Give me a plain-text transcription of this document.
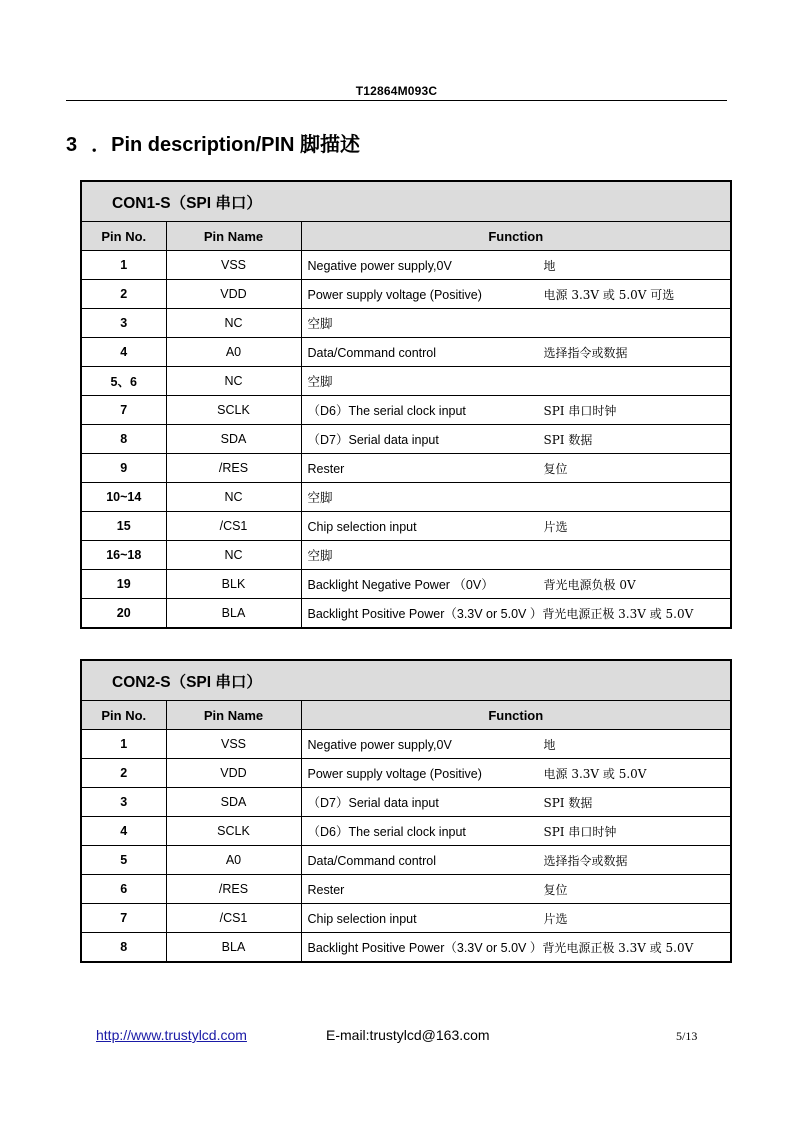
T12864M093C
3 ．Pin description/PIN 脚描述
CON1-S（SPI 串口）		
Pin No.	Pin Name	Function
1	VSS	Negative power supply,0V 地
2	VDD	Power supply voltage (Positive) 电源 3.3V 或 5.0V 可选
3	NC	空脚
4	A0	Data/Command control 选择指令或数据
5、6	NC	空脚
7	SCLK	（D6）The serial clock input SPI 串口时钟
8	SDA	（D7）Serial data input SPI 数据
9	/RES	Rester 复位
10~14	NC	空脚
15	/CS1	Chip selection input 片选
16~18	NC	空脚
19	BLK	Backlight Negative Power （0V） 背光电源负极 0V
20	BLA	Backlight Positive Power（3.3V or 5.0V ）背光电源正极 3.3V 或 5.0V
CON2-S（SPI 串口）		
Pin No.	Pin Name	Function
1	VSS	Negative power supply,0V 地
2	VDD	Power supply voltage (Positive) 电源 3.3V 或 5.0V
3	SDA	（D7）Serial data input SPI 数据
4	SCLK	（D6）The serial clock input SPI 串口时钟
5	A0	Data/Command control 选择指令或数据
6	/RES	Rester 复位
7	/CS1	Chip selection input 片选
8	BLA	Backlight Positive Power（3.3V or 5.0V ）背光电源正极 3.3V 或 5.0V
http://www.trustylcd.com	E-mail:trustylcd@163.com	5/13
